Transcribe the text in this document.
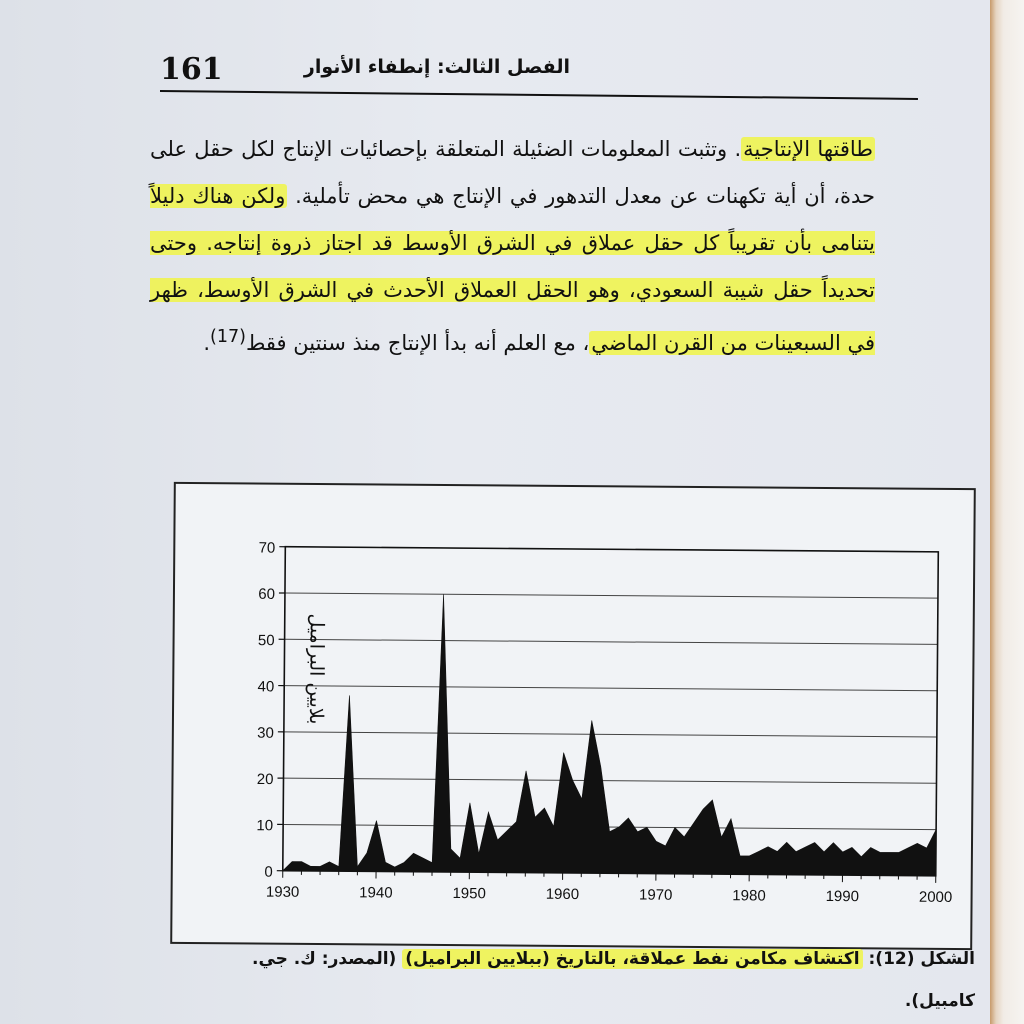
161	الفصل الثالث: إنطفاء الأنوار

طاقتها الإنتاجية. وتثبت المعلومات الضئيلة المتعلقة بإحصائيات الإنتاج لكل حقل على حدة، أن أية تكهنات عن معدل التدهور في الإنتاج هي محض تأملية. ولكن هناك دليلاً يتنامى بأن تقريباً كل حقل عملاق في الشرق الأوسط قد اجتاز ذروة إنتاجه. وحتى تحديداً حقل شيبة السعودي، وهو الحقل العملاق الأحدث في الشرق الأوسط، ظهر في السبعينات من القرن الماضي، مع العلم أنه بدأ الإنتاج منذ سنتين فقط$^{(17)}$.

0
10
20
30
40
50
60
70
1930	1940	1950	1960	1970	1980	1990	2000
بلايين البراميل
الشكل (12): اكتشاف مكامن نفط عملاقة، بالتاريخ (ببلايين البراميل) (المصدر: ك. جي. كامبيل).
